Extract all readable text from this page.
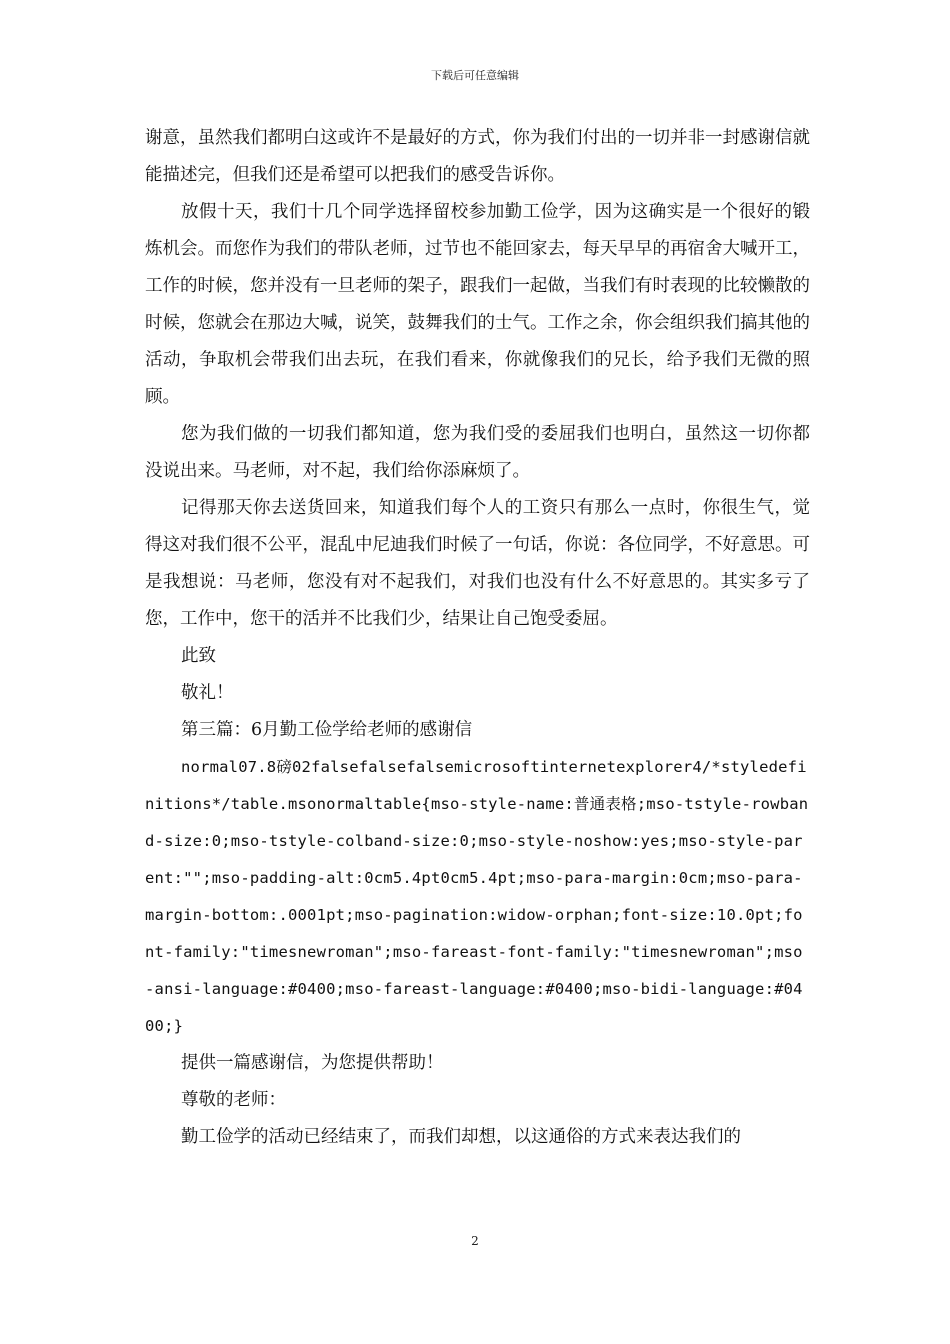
下载后可任意编辑

谢意，虽然我们都明白这或许不是最好的方式，你为我们付出的一切并非一封感谢信就能描述完，但我们还是希望可以把我们的感受告诉你。

放假十天，我们十几个同学选择留校参加勤工俭学，因为这确实是一个很好的锻炼机会。而您作为我们的带队老师，过节也不能回家去，每天早早的再宿舍大喊开工，工作的时候，您并没有一旦老师的架子，跟我们一起做，当我们有时表现的比较懒散的时候，您就会在那边大喊，说笑，鼓舞我们的士气。工作之余，你会组织我们搞其他的活动，争取机会带我们出去玩，在我们看来，你就像我们的兄长，给予我们无微的照顾。

您为我们做的一切我们都知道，您为我们受的委屈我们也明白，虽然这一切你都没说出来。马老师，对不起，我们给你添麻烦了。

记得那天你去送货回来，知道我们每个人的工资只有那么一点时，你很生气，觉得这对我们很不公平，混乱中尼迪我们时候了一句话，你说：各位同学，不好意思。可是我想说：马老师，您没有对不起我们，对我们也没有什么不好意思的。其实多亏了您，工作中，您干的活并不比我们少，结果让自己饱受委屈。

此致

敬礼！

第三篇：6月勤工俭学给老师的感谢信

normal07.8磅02falsefalsefalsemicrosoftinternetexplorer4/*styledefinitions*/table.msonormaltable{mso-style-name:普通表格;mso-tstyle-rowband-size:0;mso-tstyle-colband-size:0;mso-style-noshow:yes;mso-style-parent:"";mso-padding-alt:0cm5.4pt0cm5.4pt;mso-para-margin:0cm;mso-para-margin-bottom:.0001pt;mso-pagination:widow-orphan;font-size:10.0pt;font-family:"timesnewroman";mso-fareast-font-family:"timesnewroman";mso-ansi-language:#0400;mso-fareast-language:#0400;mso-bidi-language:#0400;}

提供一篇感谢信，为您提供帮助！

尊敬的老师：

勤工俭学的活动已经结束了，而我们却想，以这通俗的方式来表达我们的

2
